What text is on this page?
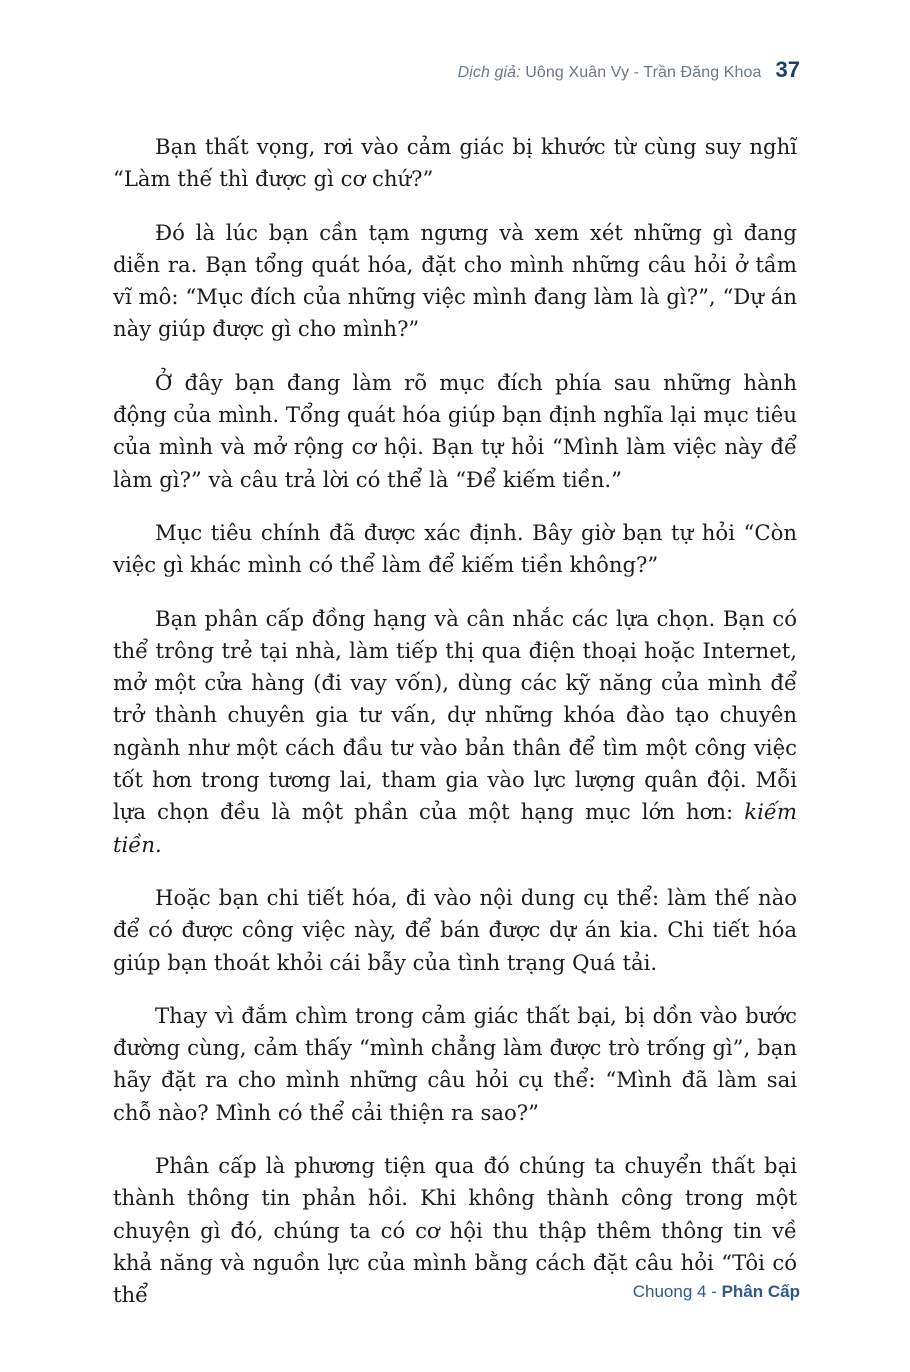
Dịch giả: Uông Xuân Vy - Trần Đăng Khoa 37

Bạn thất vọng, rơi vào cảm giác bị khước từ cùng suy nghĩ “Làm thế thì được gì cơ chứ?”

Đó là lúc bạn cần tạm ngưng và xem xét những gì đang diễn ra. Bạn tổng quát hóa, đặt cho mình những câu hỏi ở tầm vĩ mô: “Mục đích của những việc mình đang làm là gì?”, “Dự án này giúp được gì cho mình?”

Ở đây bạn đang làm rõ mục đích phía sau những hành động của mình. Tổng quát hóa giúp bạn định nghĩa lại mục tiêu của mình và mở rộng cơ hội. Bạn tự hỏi “Mình làm việc này để làm gì?” và câu trả lời có thể là “Để kiếm tiền.”

Mục tiêu chính đã được xác định. Bây giờ bạn tự hỏi “Còn việc gì khác mình có thể làm để kiếm tiền không?”

Bạn phân cấp đồng hạng và cân nhắc các lựa chọn. Bạn có thể trông trẻ tại nhà, làm tiếp thị qua điện thoại hoặc Internet, mở một cửa hàng (đi vay vốn), dùng các kỹ năng của mình để trở thành chuyên gia tư vấn, dự những khóa đào tạo chuyên ngành như một cách đầu tư vào bản thân để tìm một công việc tốt hơn trong tương lai, tham gia vào lực lượng quân đội. Mỗi lựa chọn đều là một phần của một hạng mục lớn hơn: kiếm tiền.

Hoặc bạn chi tiết hóa, đi vào nội dung cụ thể: làm thế nào để có được công việc này, để bán được dự án kia. Chi tiết hóa giúp bạn thoát khỏi cái bẫy của tình trạng Quá tải.

Thay vì đắm chìm trong cảm giác thất bại, bị dồn vào bước đường cùng, cảm thấy “mình chẳng làm được trò trống gì”, bạn hãy đặt ra cho mình những câu hỏi cụ thể: “Mình đã làm sai chỗ nào? Mình có thể cải thiện ra sao?”

Phân cấp là phương tiện qua đó chúng ta chuyển thất bại thành thông tin phản hồi. Khi không thành công trong một chuyện gì đó, chúng ta có cơ hội thu thập thêm thông tin về khả năng và nguồn lực của mình bằng cách đặt câu hỏi “Tôi có thể	Chuong 4 - Phân Cấp
